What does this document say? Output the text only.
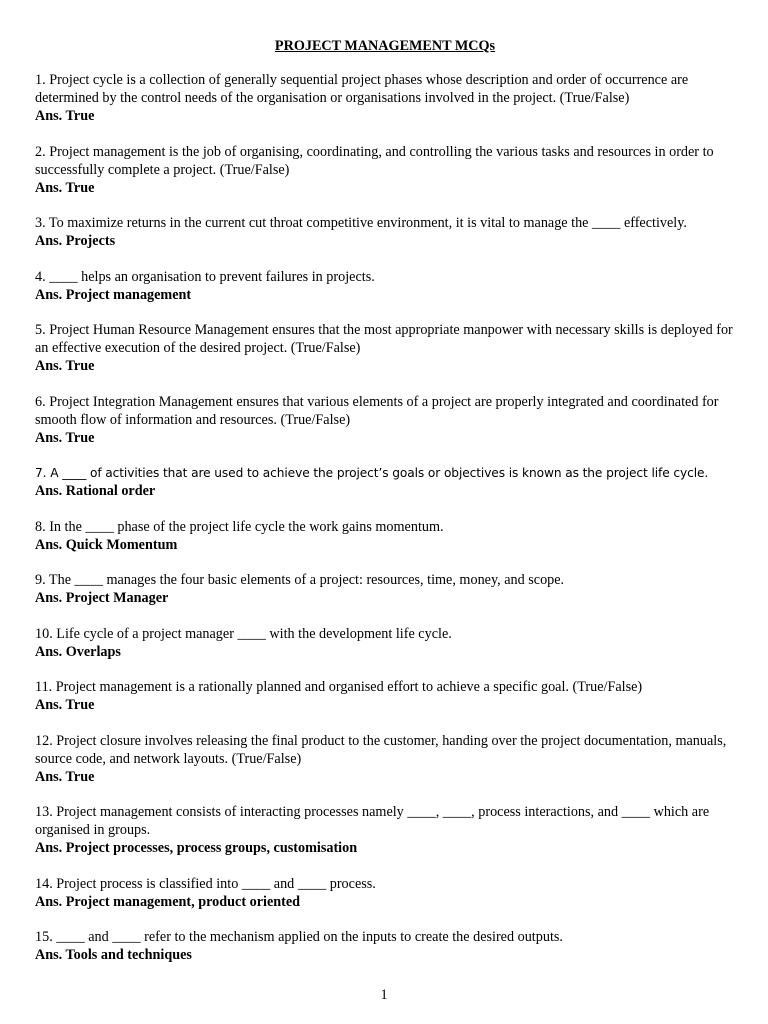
PROJECT MANAGEMENT MCQs

1. Project cycle is a collection of generally sequential project phases whose description and order of occurrence are determined by the control needs of the organisation or organisations involved in the project. (True/False)

Ans. True

2. Project management is the job of organising, coordinating, and controlling the various tasks and resources in order to successfully complete a project. (True/False)

Ans. True

3. To maximize returns in the current cut throat competitive environment, it is vital to manage the ____ effectively.

Ans. Projects

4. ____ helps an organisation to prevent failures in projects.

Ans. Project management

5. Project Human Resource Management ensures that the most appropriate manpower with necessary skills is deployed for an effective execution of the desired project. (True/False)

Ans. True

6. Project Integration Management ensures that various elements of a project are properly integrated and coordinated for smooth flow of information and resources. (True/False)

Ans. True

7. A ____ of activities that are used to achieve the project’s goals or objectives is known as the project life cycle.

Ans. Rational order

8. In the ____ phase of the project life cycle the work gains momentum.

Ans. Quick Momentum

9. The ____ manages the four basic elements of a project: resources, time, money, and scope.

Ans. Project Manager

10. Life cycle of a project manager ____ with the development life cycle.

Ans. Overlaps

11. Project management is a rationally planned and organised effort to achieve a specific goal. (True/False)

Ans. True

12. Project closure involves releasing the final product to the customer, handing over the project documentation, manuals, source code, and network layouts. (True/False)

Ans. True

13. Project management consists of interacting processes namely ____, ____, process interactions, and ____ which are organised in groups.

Ans. Project processes, process groups, customisation

14. Project process is classified into ____ and ____ process.

Ans. Project management, product oriented

15. ____ and ____ refer to the mechanism applied on the inputs to create the desired outputs.

Ans. Tools and techniques

1
